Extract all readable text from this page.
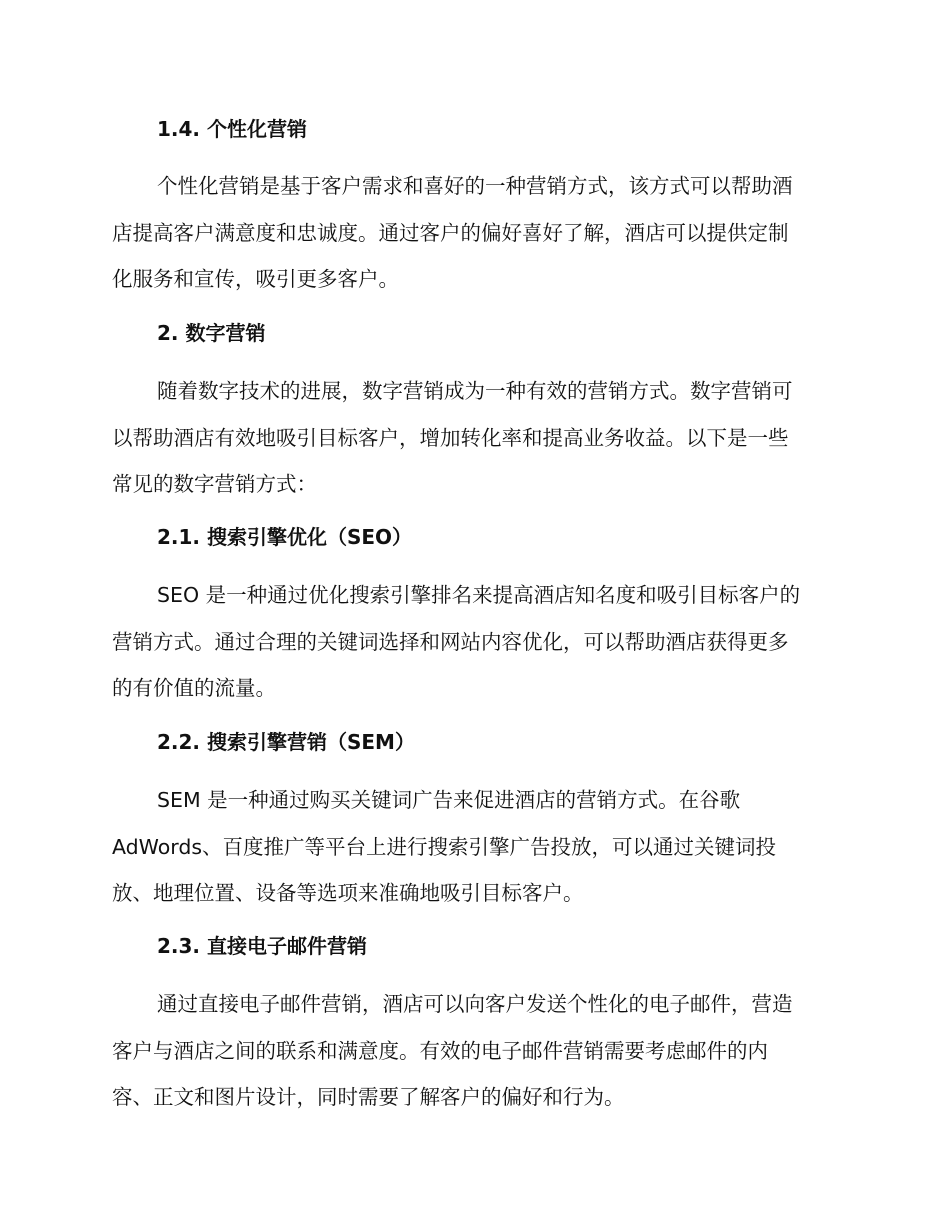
1.4. 个性化营销
个性化营销是基于客户需求和喜好的一种营销方式，该方式可以帮助酒
店提高客户满意度和忠诚度。通过客户的偏好喜好了解，酒店可以提供定制
化服务和宣传，吸引更多客户。
2. 数字营销
随着数字技术的进展，数字营销成为一种有效的营销方式。数字营销可
以帮助酒店有效地吸引目标客户，增加转化率和提高业务收益。以下是一些
常见的数字营销方式：
2.1. 搜索引擎优化（SEO）
SEO 是一种通过优化搜索引擎排名来提高酒店知名度和吸引目标客户的
营销方式。通过合理的关键词选择和网站内容优化，可以帮助酒店获得更多
的有价值的流量。
2.2. 搜索引擎营销（SEM）
SEM 是一种通过购买关键词广告来促进酒店的营销方式。在谷歌
AdWords、百度推广等平台上进行搜索引擎广告投放，可以通过关键词投
放、地理位置、设备等选项来准确地吸引目标客户。
2.3. 直接电子邮件营销
通过直接电子邮件营销，酒店可以向客户发送个性化的电子邮件，营造
客户与酒店之间的联系和满意度。有效的电子邮件营销需要考虑邮件的内
容、正文和图片设计，同时需要了解客户的偏好和行为。
